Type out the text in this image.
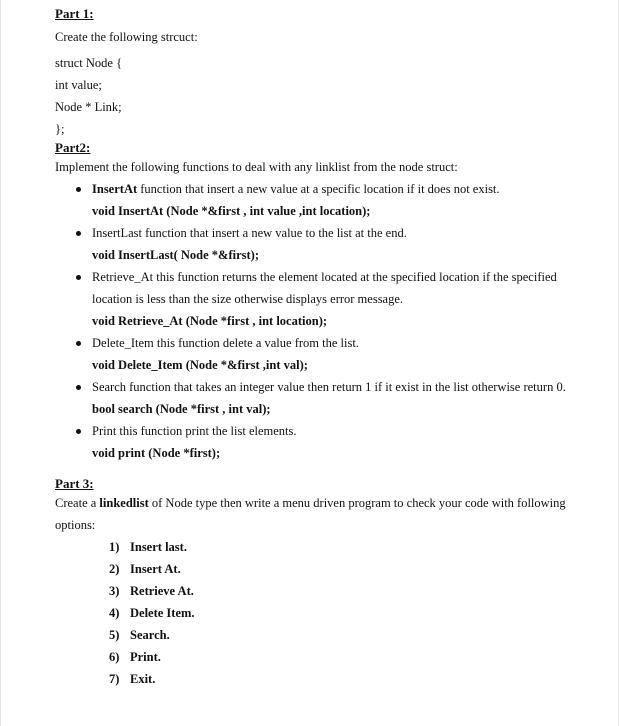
Part 1:

Create the following strcuct:

struct Node {

int value;

Node * Link;

};

Part2:

Implement the following functions to deal with any linklist from the node struct:

InsertAt function that insert a new value at a specific location if it does not exist.
void InsertAt (Node *&first , int value ,int location);
InsertLast function that insert a new value to the list at the end.
void InsertLast( Node *&first);
Retrieve_At this function returns the element located at the specified location if the specified
location is less than the size otherwise displays error message.
void Retrieve_At (Node *first , int location);
Delete_Item this function delete a value from the list.
void Delete_Item (Node *&first ,int val);
Search function that takes an integer value then return 1 if it exist in the list otherwise return 0.
bool search (Node *first , int val);
Print this function print the list elements.
void print (Node *first);

Part 3:

Create a linkedlist of Node type then write a menu driven program to check your code with following

options:

1) Insert last.
2) Insert At.
3) Retrieve At.
4) Delete Item.
5) Search.
6) Print.
7) Exit.
